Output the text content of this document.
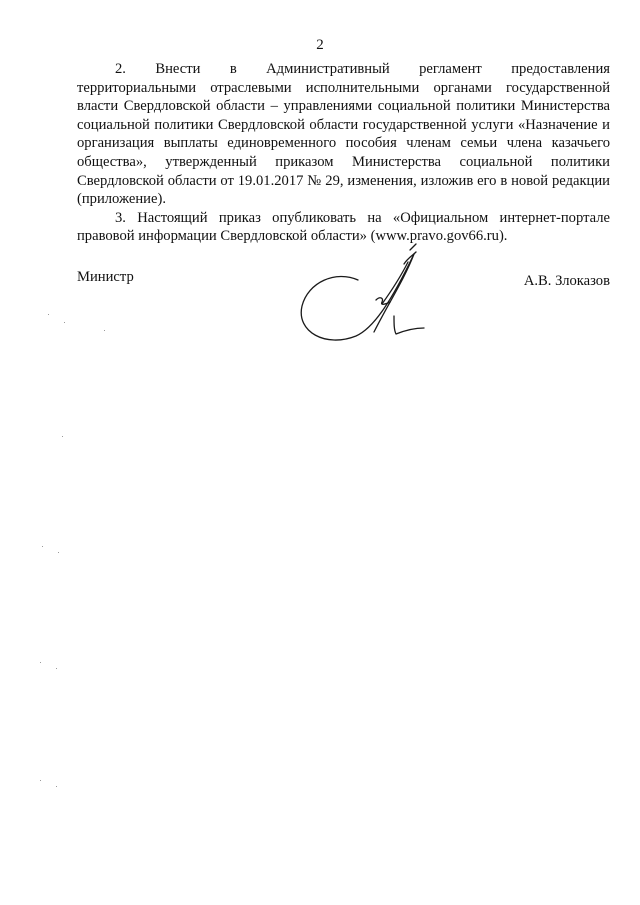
2

2. Внести в Административный регламент предоставления
территориальными отраслевыми исполнительными органами государственной власти Свердловской области – управлениями социальной политики Министерства социальной политики Свердловской области государственной услуги «Назначение и организация выплаты единовременного пособия членам семьи члена казачьего общества», утвержденный приказом Министерства социальной политики Свердловской области от 19.01.2017 № 29, изменения, изложив его в новой редакции (приложение).

3. Настоящий приказ опубликовать на «Официальном интернет-портале правовой информации Свердловской области» (www.pravo.gov66.ru).

Министр	А.В. Злоказов
